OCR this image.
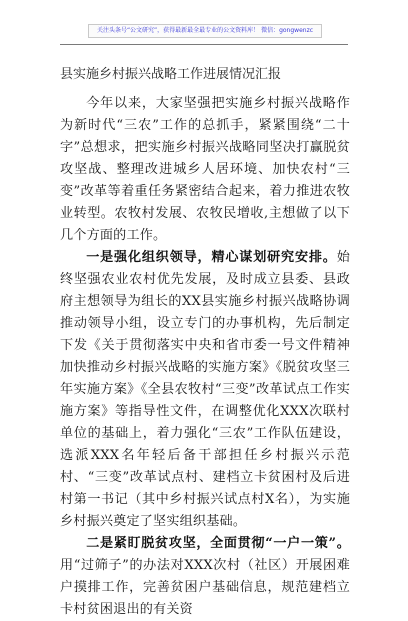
关注头条号“公文研究”，获得最新最全最专业的公文资料库！ 微信：gongwenzc
县实施乡村振兴战略工作进展情况汇报

今年以来，大家坚强把实施乡村振兴战略作为新时代“三农”工作的总抓手，紧紧围绕“二十字”总想求，把实施乡村振兴战略同坚决打赢脱贫攻坚战、整理改进城乡人居环境、加快农村“三变”改革等着重任务紧密结合起来，着力推进农牧业转型。农牧村发展、农牧民增收,主想做了以下几个方面的工作。

一是强化组织领导，精心谋划研究安排。始终坚强农业农村优先发展，及时成立县委、县政府主想领导为组长的XX县实施乡村振兴战略协调推动领导小组，设立专门的办事机构，先后制定下发《关于贯彻落实中央和省市委一号文件精神加快推动乡村振兴战略的实施方案》《脱贫攻坚三年实施方案》《全县农牧村“三变”改革试点工作实施方案》等指导性文件，在调整优化XXX次联村单位的基础上，着力强化“三农”工作队伍建设，选派XXX名年轻后备干部担任乡村振兴示范村、“三变”改革试点村、建档立卡贫困村及后进村第一书记（其中乡村振兴试点村X名），为实施乡村振兴奠定了坚实组织基础。

二是紧盯脱贫攻坚，全面贯彻“一户一策”。用“过筛子”的办法对XXX次村（社区）开展困难户摸排工作，完善贫困户基础信息，规范建档立卡村贫困退出的有关资
